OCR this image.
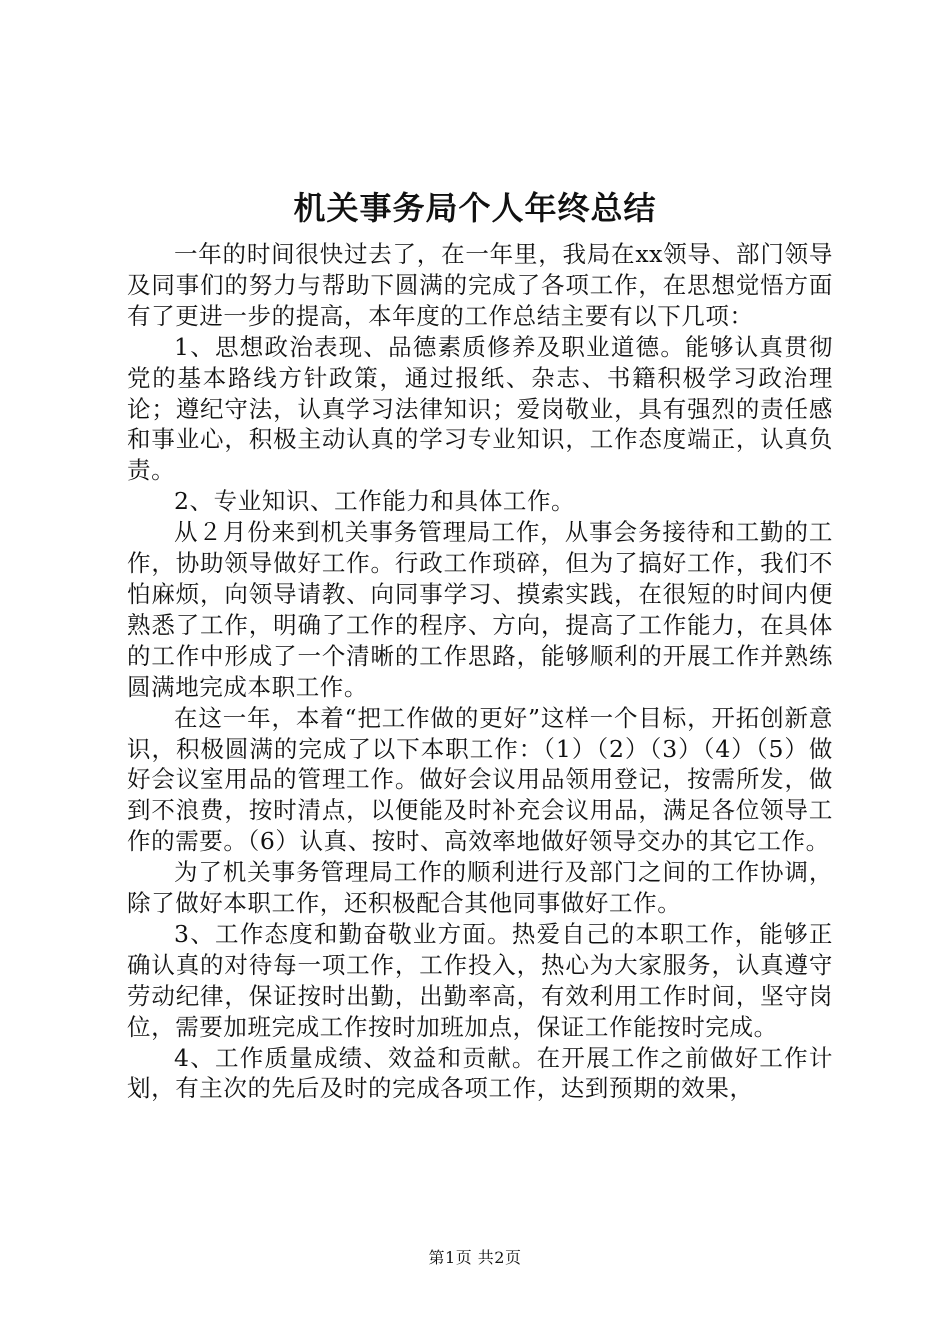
机关事务局个人年终总结

一年的时间很快过去了，在一年里，我局在xx领导、部门领导及同事们的努力与帮助下圆满的完成了各项工作，在思想觉悟方面有了更进一步的提高，本年度的工作总结主要有以下几项：

1、思想政治表现、品德素质修养及职业道德。能够认真贯彻党的基本路线方针政策，通过报纸、杂志、书籍积极学习政治理论；遵纪守法，认真学习法律知识；爱岗敬业，具有强烈的责任感和事业心，积极主动认真的学习专业知识，工作态度端正，认真负责。

2、专业知识、工作能力和具体工作。

从２月份来到机关事务管理局工作，从事会务接待和工勤的工作，协助领导做好工作。行政工作琐碎，但为了搞好工作，我们不怕麻烦，向领导请教、向同事学习、摸索实践，在很短的时间内便熟悉了工作，明确了工作的程序、方向，提高了工作能力，在具体的工作中形成了一个清晰的工作思路，能够顺利的开展工作并熟练圆满地完成本职工作。

在这一年，本着“把工作做的更好”这样一个目标，开拓创新意识，积极圆满的完成了以下本职工作：（1）（2）（3）（4）（5）做好会议室用品的管理工作。做好会议用品领用登记，按需所发，做到不浪费，按时清点，以便能及时补充会议用品，满足各位领导工作的需要。（6）认真、按时、高效率地做好领导交办的其它工作。

为了机关事务管理局工作的顺利进行及部门之间的工作协调，除了做好本职工作，还积极配合其他同事做好工作。

3、工作态度和勤奋敬业方面。热爱自己的本职工作，能够正确认真的对待每一项工作，工作投入，热心为大家服务，认真遵守劳动纪律，保证按时出勤，出勤率高，有效利用工作时间，坚守岗位，需要加班完成工作按时加班加点，保证工作能按时完成。

4、工作质量成绩、效益和贡献。在开展工作之前做好工作计划，有主次的先后及时的完成各项工作，达到预期的效果，

第1页 共2页
